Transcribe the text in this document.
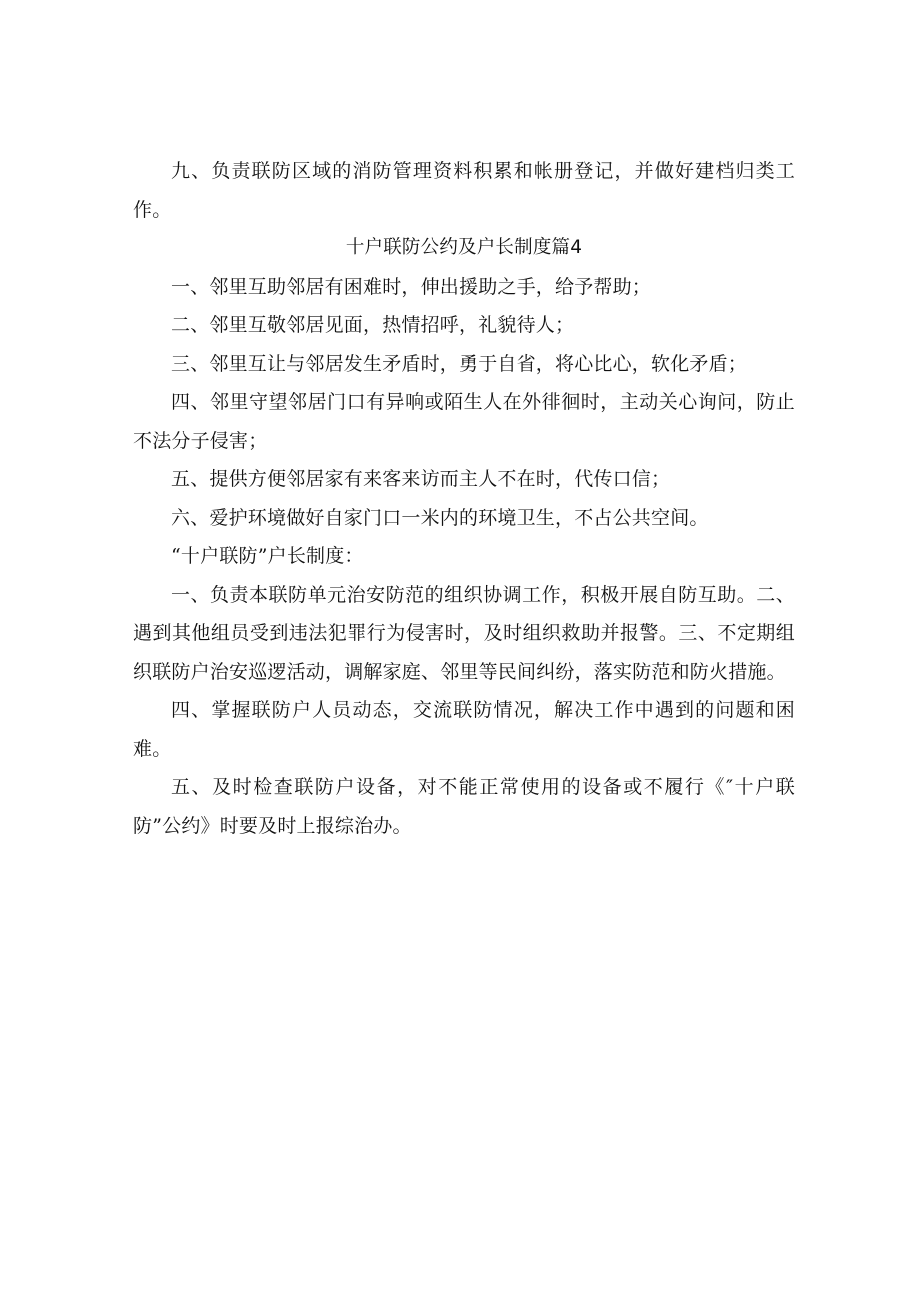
九、负责联防区域的消防管理资料积累和帐册登记，并做好建档归类工作。

十户联防公约及户长制度篇4

一、邻里互助邻居有困难时，伸出援助之手，给予帮助；

二、邻里互敬邻居见面，热情招呼，礼貌待人；

三、邻里互让与邻居发生矛盾时，勇于自省，将心比心，软化矛盾；

四、邻里守望邻居门口有异响或陌生人在外徘徊时，主动关心询问，防止不法分子侵害；

五、提供方便邻居家有来客来访而主人不在时，代传口信；

六、爱护环境做好自家门口一米内的环境卫生，不占公共空间。

“十户联防”户长制度：

一、负责本联防单元治安防范的组织协调工作，积极开展自防互助。二、遇到其他组员受到违法犯罪行为侵害时，及时组织救助并报警。三、不定期组织联防户治安巡逻活动，调解家庭、邻里等民间纠纷，落实防范和防火措施。

四、掌握联防户人员动态，交流联防情况，解决工作中遇到的问题和困难。

五、及时检查联防户设备，对不能正常使用的设备或不履行《″十户联防”公约》时要及时上报综治办。
